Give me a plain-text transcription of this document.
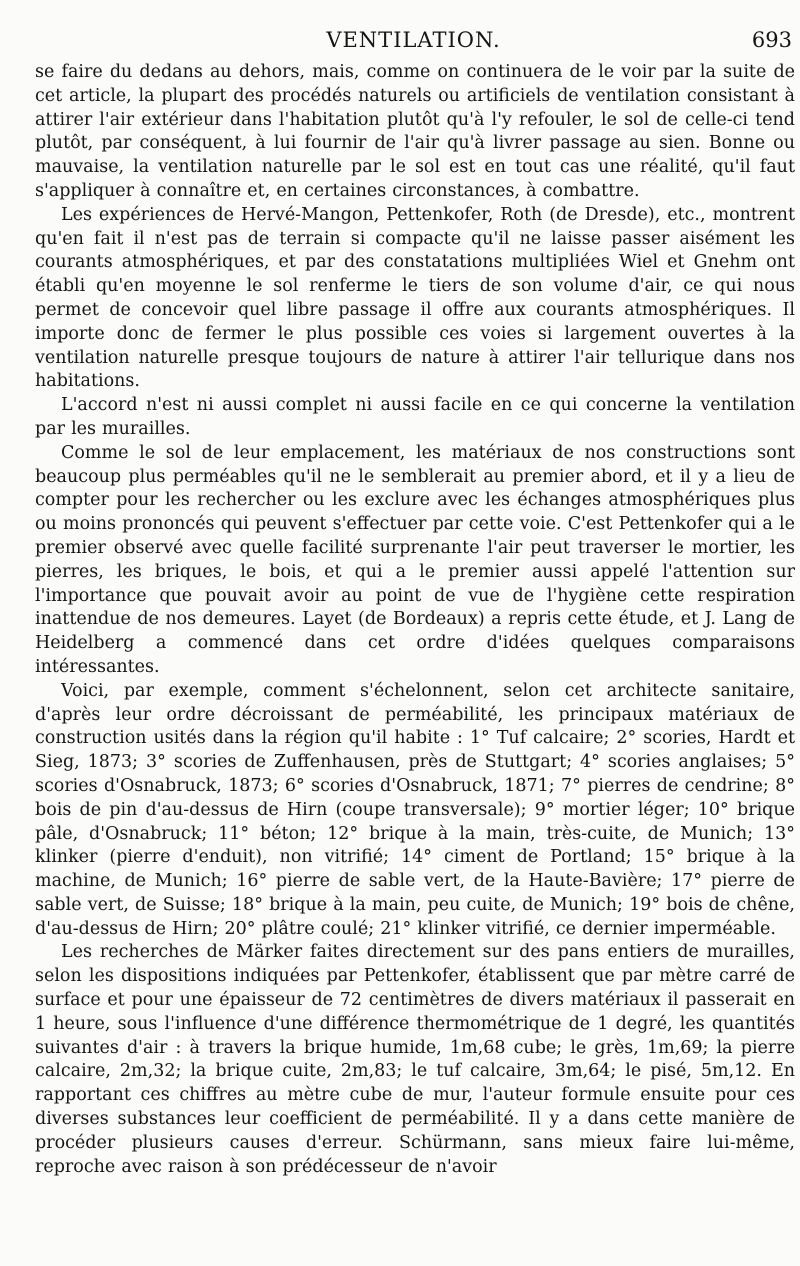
VENTILATION.	693

se faire du dedans au dehors, mais, comme on continuera de le voir par la suite de cet article, la plupart des procédés naturels ou artificiels de ventilation consistant à attirer l'air extérieur dans l'habitation plutôt qu'à l'y refouler, le sol de celle-ci tend plutôt, par conséquent, à lui fournir de l'air qu'à livrer passage au sien. Bonne ou mauvaise, la ventilation naturelle par le sol est en tout cas une réalité, qu'il faut s'appliquer à connaître et, en certaines circonstances, à combattre.

Les expériences de Hervé-Mangon, Pettenkofer, Roth (de Dresde), etc., montrent qu'en fait il n'est pas de terrain si compacte qu'il ne laisse passer aisément les courants atmosphériques, et par des constatations multipliées Wiel et Gnehm ont établi qu'en moyenne le sol renferme le tiers de son volume d'air, ce qui nous permet de concevoir quel libre passage il offre aux courants atmosphériques. Il importe donc de fermer le plus possible ces voies si largement ouvertes à la ventilation naturelle presque toujours de nature à attirer l'air tellurique dans nos habitations.

L'accord n'est ni aussi complet ni aussi facile en ce qui concerne la ventilation par les murailles.

Comme le sol de leur emplacement, les matériaux de nos constructions sont beaucoup plus perméables qu'il ne le semblerait au premier abord, et il y a lieu de compter pour les rechercher ou les exclure avec les échanges atmosphériques plus ou moins prononcés qui peuvent s'effectuer par cette voie. C'est Pettenkofer qui a le premier observé avec quelle facilité surprenante l'air peut traverser le mortier, les pierres, les briques, le bois, et qui a le premier aussi appelé l'attention sur l'importance que pouvait avoir au point de vue de l'hygiène cette respiration inattendue de nos demeures. Layet (de Bordeaux) a repris cette étude, et J. Lang de Heidelberg a commencé dans cet ordre d'idées quelques comparaisons intéressantes.

Voici, par exemple, comment s'échelonnent, selon cet architecte sanitaire, d'après leur ordre décroissant de perméabilité, les principaux matériaux de construction usités dans la région qu'il habite : 1° Tuf calcaire; 2° scories, Hardt et Sieg, 1873; 3° scories de Zuffenhausen, près de Stuttgart; 4° scories anglaises; 5° scories d'Osnabruck, 1873; 6° scories d'Osnabruck, 1871; 7° pierres de cendrine; 8° bois de pin d'au-dessus de Hirn (coupe transversale); 9° mortier léger; 10° brique pâle, d'Osnabruck; 11° béton; 12° brique à la main, très-cuite, de Munich; 13° klinker (pierre d'enduit), non vitrifié; 14° ciment de Portland; 15° brique à la machine, de Munich; 16° pierre de sable vert, de la Haute-Bavière; 17° pierre de sable vert, de Suisse; 18° brique à la main, peu cuite, de Munich; 19° bois de chêne, d'au-dessus de Hirn; 20° plâtre coulé; 21° klinker vitrifié, ce dernier imperméable.

Les recherches de Märker faites directement sur des pans entiers de murailles, selon les dispositions indiquées par Pettenkofer, établissent que par mètre carré de surface et pour une épaisseur de 72 centimètres de divers matériaux il passerait en 1 heure, sous l'influence d'une différence thermométrique de 1 degré, les quantités suivantes d'air : à travers la brique humide, 1m,68 cube; le grès, 1m,69; la pierre calcaire, 2m,32; la brique cuite, 2m,83; le tuf calcaire, 3m,64; le pisé, 5m,12. En rapportant ces chiffres au mètre cube de mur, l'auteur formule ensuite pour ces diverses substances leur coefficient de perméabilité. Il y a dans cette manière de procéder plusieurs causes d'erreur. Schürmann, sans mieux faire lui-même, reproche avec raison à son prédécesseur de n'avoir
